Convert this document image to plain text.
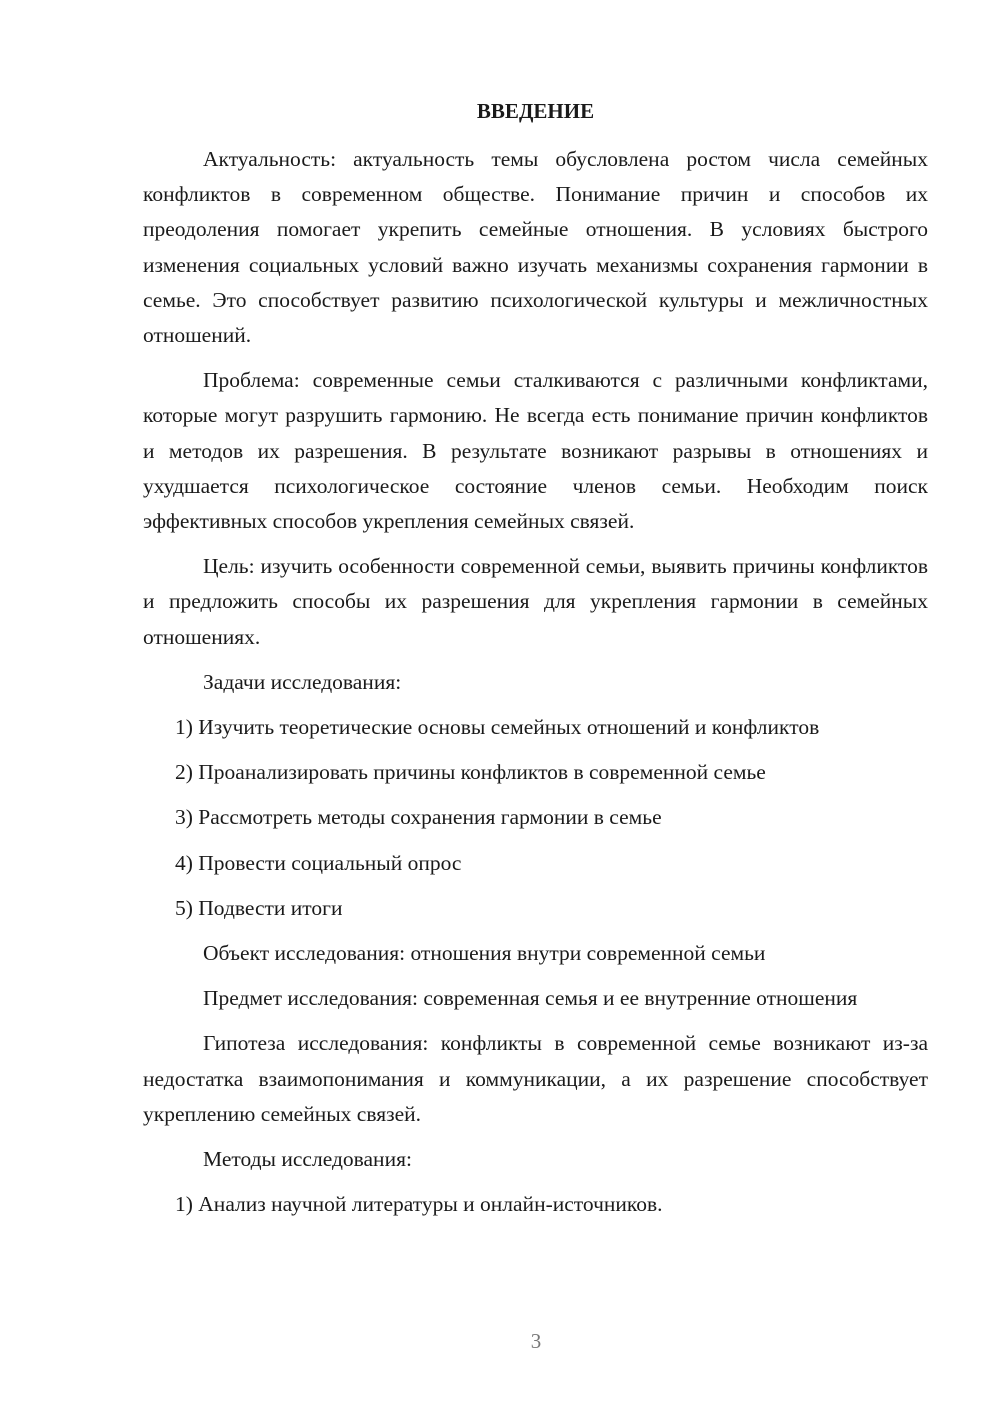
ВВЕДЕНИЕ

Актуальность: актуальность темы обусловлена ростом числа семейных конфликтов в современном обществе. Понимание причин и способов их преодоления помогает укрепить семейные отношения. В условиях быстрого изменения социальных условий важно изучать механизмы сохранения гармонии в семье. Это способствует развитию психологической культуры и межличностных отношений.

Проблема: современные семьи сталкиваются с различными конфликтами, которые могут разрушить гармонию. Не всегда есть понимание причин конфликтов и методов их разрешения. В результате возникают разрывы в отношениях и ухудшается психологическое состояние членов семьи. Необходим поиск эффективных способов укрепления семейных связей.

Цель: изучить особенности современной семьи, выявить причины конфликтов и предложить способы их разрешения для укрепления гармонии в семейных отношениях.

Задачи исследования:

1) Изучить теоретические основы семейных отношений и конфликтов

2) Проанализировать причины конфликтов в современной семье

3) Рассмотреть методы сохранения гармонии в семье

4) Провести социальный опрос

5) Подвести итоги

Объект исследования: отношения внутри современной семьи

Предмет исследования: современная семья и ее внутренние отношения

Гипотеза исследования: конфликты в современной семье возникают из-за недостатка взаимопонимания и коммуникации, а их разрешение способствует укреплению семейных связей.

Методы исследования:

1) Анализ научной литературы и онлайн-источников.

3
